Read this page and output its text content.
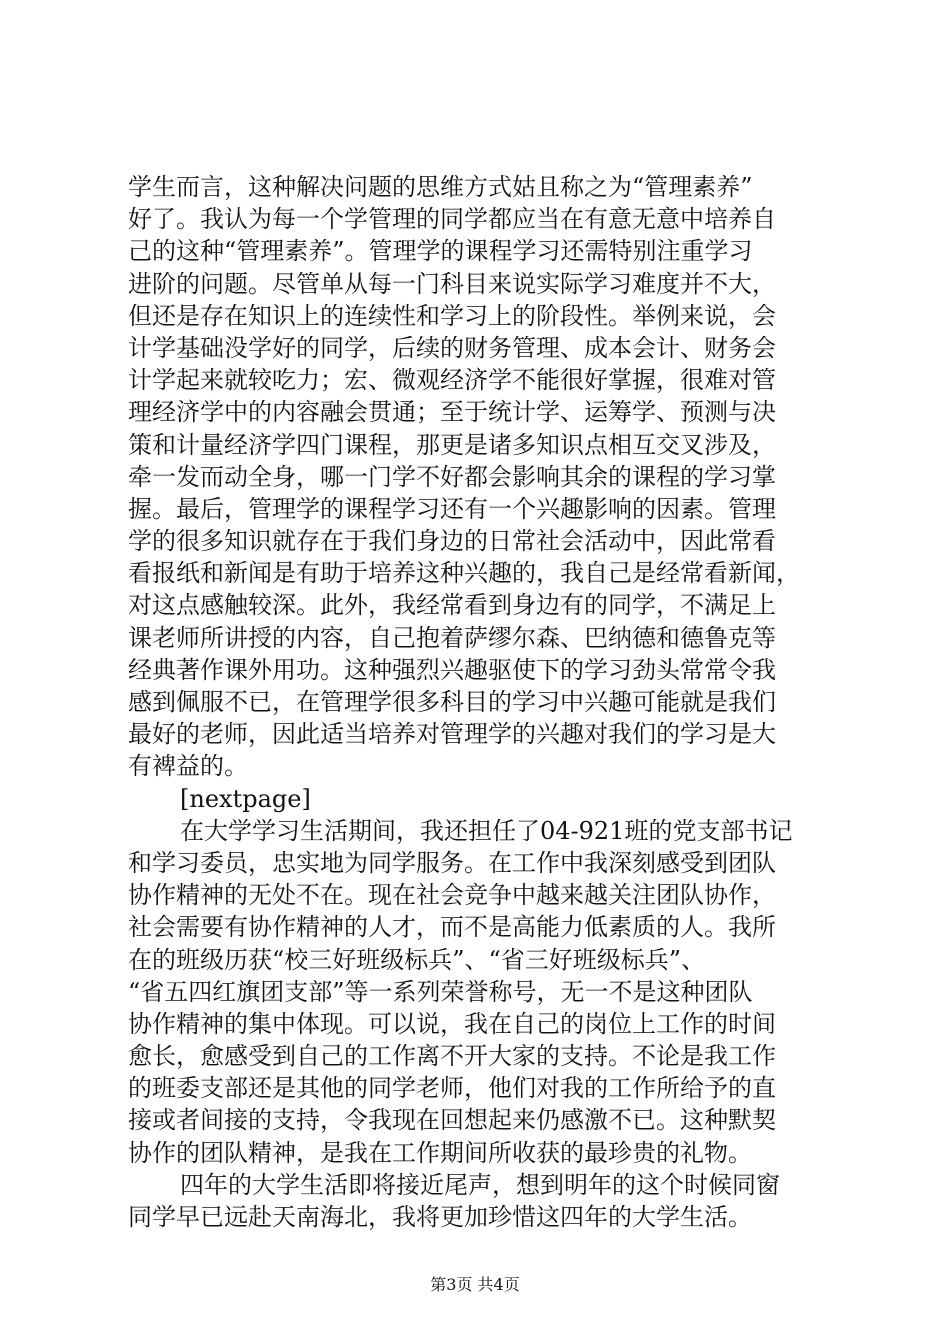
学生而言，这种解决问题的思维方式姑且称之为“管理素养”
好了。我认为每一个学管理的同学都应当在有意无意中培养自
己的这种“管理素养”。管理学的课程学习还需特别注重学习
进阶的问题。尽管单从每一门科目来说实际学习难度并不大，
但还是存在知识上的连续性和学习上的阶段性。举例来说，会
计学基础没学好的同学，后续的财务管理、成本会计、财务会
计学起来就较吃力；宏、微观经济学不能很好掌握，很难对管
理经济学中的内容融会贯通；至于统计学、运筹学、预测与决
策和计量经济学四门课程，那更是诸多知识点相互交叉涉及，
牵一发而动全身，哪一门学不好都会影响其余的课程的学习掌
握。最后，管理学的课程学习还有一个兴趣影响的因素。管理
学的很多知识就存在于我们身边的日常社会活动中，因此常看
看报纸和新闻是有助于培养这种兴趣的，我自己是经常看新闻，
对这点感触较深。此外，我经常看到身边有的同学，不满足上
课老师所讲授的内容，自己抱着萨缪尔森、巴纳德和德鲁克等
经典著作课外用功。这种强烈兴趣驱使下的学习劲头常常令我
感到佩服不已，在管理学很多科目的学习中兴趣可能就是我们
最好的老师，因此适当培养对管理学的兴趣对我们的学习是大
有裨益的。
[nextpage]
在大学学习生活期间，我还担任了04-921班的党支部书记
和学习委员，忠实地为同学服务。在工作中我深刻感受到团队
协作精神的无处不在。现在社会竞争中越来越关注团队协作，
社会需要有协作精神的人才，而不是高能力低素质的人。我所
在的班级历获“校三好班级标兵”、“省三好班级标兵”、
“省五四红旗团支部”等一系列荣誉称号，无一不是这种团队
协作精神的集中体现。可以说，我在自己的岗位上工作的时间
愈长，愈感受到自己的工作离不开大家的支持。不论是我工作
的班委支部还是其他的同学老师，他们对我的工作所给予的直
接或者间接的支持，令我现在回想起来仍感激不已。这种默契
协作的团队精神，是我在工作期间所收获的最珍贵的礼物。
四年的大学生活即将接近尾声，想到明年的这个时候同窗
同学早已远赴天南海北，我将更加珍惜这四年的大学生活。
第3页 共4页
